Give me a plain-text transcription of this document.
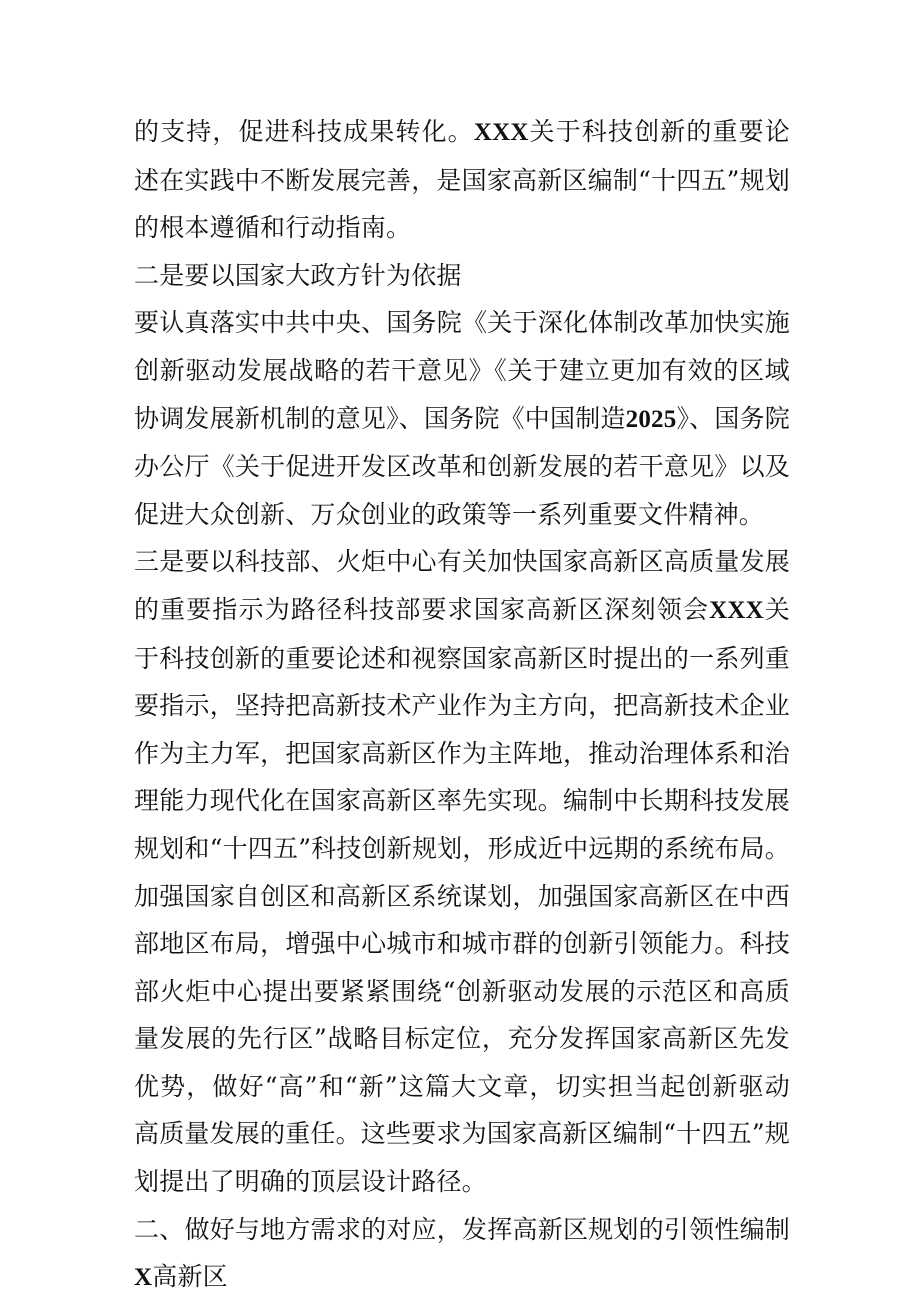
的支持，促进科技成果转化。XXX关于科技创新的重要论述在实践中不断发展完善，是国家高新区编制“十四五”规划的根本遵循和行动指南。

二是要以国家大政方针为依据

要认真落实中共中央、国务院《关于深化体制改革加快实施创新驱动发展战略的若干意见》《关于建立更加有效的区域协调发展新机制的意见》、国务院《中国制造2025》、国务院办公厅《关于促进开发区改革和创新发展的若干意见》以及促进大众创新、万众创业的政策等一系列重要文件精神。

三是要以科技部、火炬中心有关加快国家高新区高质量发展的重要指示为路径科技部要求国家高新区深刻领会XXX关于科技创新的重要论述和视察国家高新区时提出的一系列重要指示，坚持把高新技术产业作为主方向，把高新技术企业作为主力军，把国家高新区作为主阵地，推动治理体系和治理能力现代化在国家高新区率先实现。编制中长期科技发展规划和“十四五”科技创新规划，形成近中远期的系统布局。加强国家自创区和高新区系统谋划，加强国家高新区在中西部地区布局，增强中心城市和城市群的创新引领能力。科技部火炬中心提出要紧紧围绕“创新驱动发展的示范区和高质量发展的先行区”战略目标定位，充分发挥国家高新区先发优势，做好“高”和“新”这篇大文章，切实担当起创新驱动高质量发展的重任。这些要求为国家高新区编制“十四五”规划提出了明确的顶层设计路径。

二、做好与地方需求的对应，发挥高新区规划的引领性编制X高新区
